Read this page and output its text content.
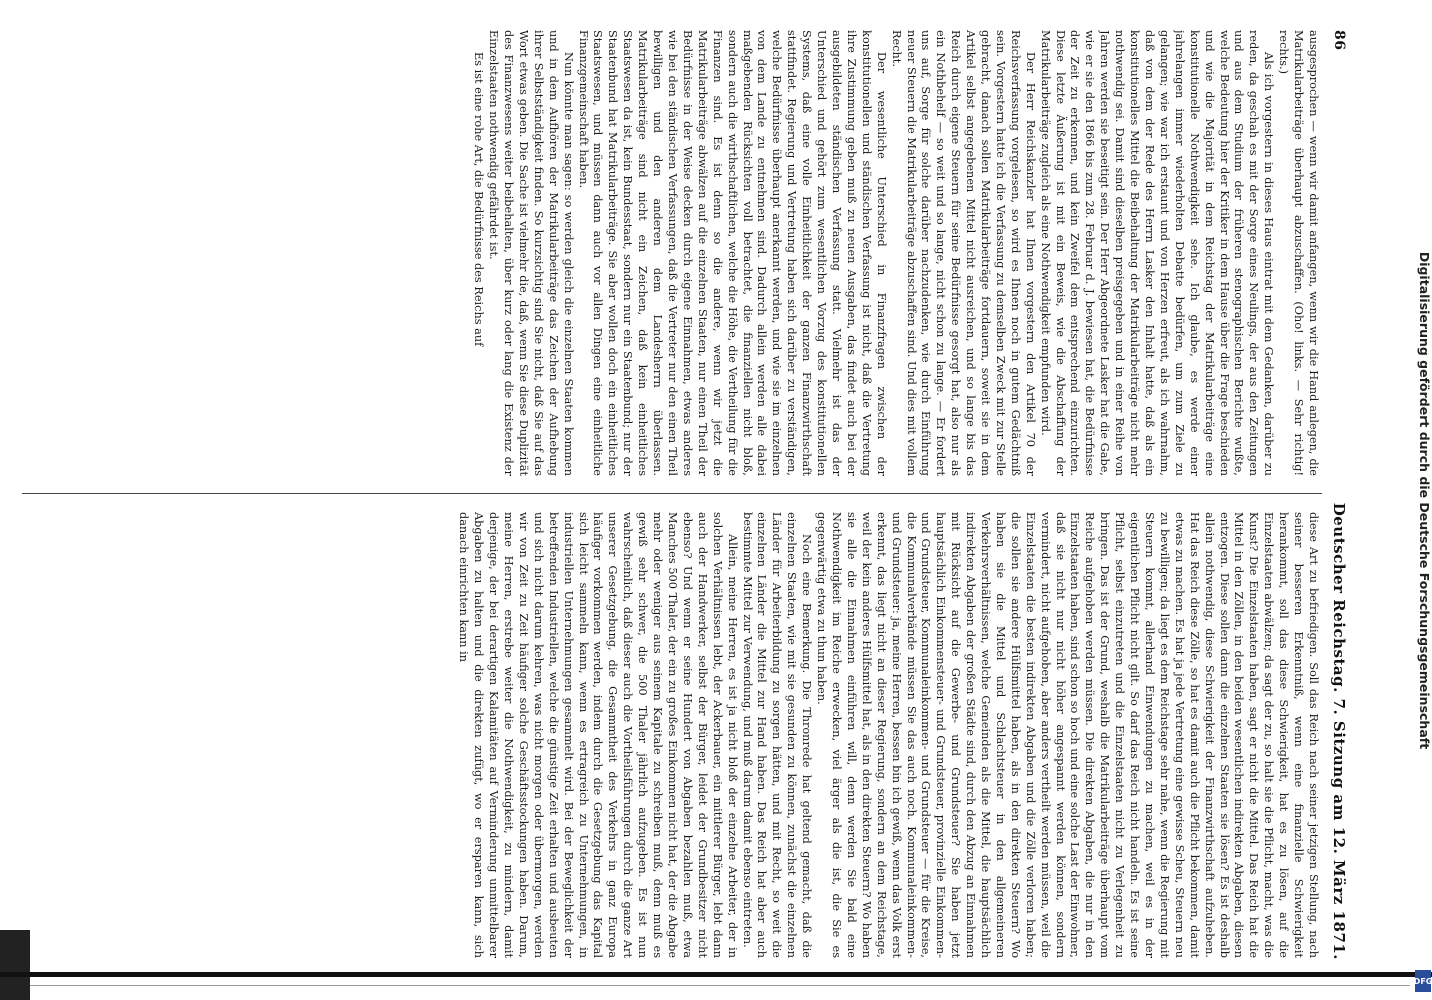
86
Deutscher Reichstag. 7. Sitzung am 12. März 1871.

ausgesprochen — wenn wir damit anfangen, wenn wir die Hand anlegen, die Matrikularbeiträge überhaupt abzuschaffen. (Oho! links. — Sehr richtig! rechts.)

Als ich vorgestern in dieses Haus eintrat mit dem Gedanken, darüber zu reden, da geschah es mit der Sorge eines Neulings, der aus den Zeitungen und aus dem Studium der früheren stenographischen Berichte wußte, welche Bedeutung hier der Kritiker in dem Hause über die Frage beschieden und wie die Majorität in dem Reichstag der Matrikularbeiträge eine konstitutionelle Nothwendigkeit sehe. Ich glaube, es werde einer jahrelangen immer wiederholten Debatte bedürfen, um zum Ziele zu gelangen; wie war ich erstaunt und von Herzen erfreut, als ich wahrnahm, daß von dem der Rede des Herrn Lasker den Inhalt hatte, daß als ein konstitutionelles Mittel die Beibehaltung der Matrikularbeiträge nicht mehr nothwendig sei. Damit sind dieselben preisgegeben und in einer Reihe von Jahren werden sie beseitigt sein. Der Herr Abgeordnete Lasker hat die Gabe, wie er sie den 1866 bis zum 28. Februar d. J. bewiesen hat, die Bedürfnisse der Zeit zu erkennen, und kein Zweifel dem entsprechend einzurichten. Diese letzte Äußerung ist mit ein Beweis, wie die Abschaffung der Matrikularbeiträge zugleich als eine Nothwendigkeit empfunden wird.

Der Herr Reichskanzler hat Ihnen vorgestern den Artikel 70 der Reichsverfassung vorgelesen, so wird es Ihnen noch in gutem Gedächtniß sein. Vorgestern hatte ich die Verfassung zu demselben Zweck mit zur Stelle gebracht, danach sollen Matrikularbeiträge fortdauern, soweit sie in dem Artikel selbst angegebenen Mittel nicht ausreichen, und so lange bis das Reich durch eigene Steuern für seine Bedürfnisse gesorgt hat, also nur als ein Nothbehelf — so weit und so lange, nicht schon zu lange. — Er fordert uns auf, Sorge für solche darüber nachzudenken, wie durch Einführung neuer Steuern die Matrikularbeiträge abzuschaffen sind. Und dies mit vollem Recht.

Der wesentliche Unterschied in Finanzfragen zwischen der konstitutionellen und ständischen Verfassung ist nicht, daß die Vertretung ihre Zustimmung geben muß zu neuen Ausgaben, das findet auch bei der ausgebildeten ständischen Verfassung statt. Vielmehr ist das der Unterschied und gehört zum wesentlichen Vorzug des konstitutionellen Systems, daß eine volle Einheitlichkeit der ganzen Finanzwirthschaft stattfindet. Regierung und Vertretung haben sich darüber zu verständigen, welche Bedürfnisse überhaupt anerkannt werden, und wie sie im einzelnen von dem Lande zu entnehmen sind. Dadurch allein werden alle dabei maßgebenden Rücksichten voll betrachtet, die finanziellen nicht bloß, sondern auch die wirthschaftlichen, welche die Höhe, die Vertheilung für die Finanzen sind. Es ist denn so die andere, wenn wir jetzt die Matrikularbeiträge abwälzen auf die einzelnen Staaten, nur einen Theil der Bedürfnisse in der Weise decken durch eigene Einnahmen, etwas anderes wie bei den ständischen Verfassungen, daß die Vertreter nur den einen Theil bewilligen und den anderen dem Landesherrn überlassen. Matrikularbeiträge sind nicht ein Zeichen, daß kein einheitliches Staatswesen da ist, kein Bundesstaat, sondern nur ein Staatenbund; nur der Staatenbund hat Matrikularbeiträge. Sie aber wollen doch ein einheitliches Staatswesen, und müssen dann auch vor allen Dingen eine einheitliche Finanzgemeinschaft haben.

Nun könnte man sagen: so werden gleich die einzelnen Staaten kommen und in dem Aufhören der Matrikularbeiträge das Zeichen der Aufhebung ihrer Selbstständigkeit finden. So kurzsichtig sind Sie nicht, daß Sie auf das Wort etwas geben. Die Sache ist vielmehr die, daß, wenn Sie diese Duplizität des Finanzwesens weiter beibehalten, über kurz oder lang die Existenz der Einzelstaaten nothwendig gefährdet ist.

Es ist eine rohe Art, die Bedürfnisse des Reichs auf

diese Art zu befriedigen. Soll das Reich nach seiner jetzigen Stellung, nach seiner besseren Erkenntniß, wenn eine finanzielle Schwierigkeit herankommt, soll das diese Schwierigkeit, hat es zu lösen, auf die Einzelstaaten abwälzen; da sagt der zu, so halt sie die Pflicht, macht, was die Kunst? Die Einzelstaaten haben, sagt er nicht die Mittel. Das Reich hat die Mittel in den Zöllen, in den beiden wesentlichen indirekten Abgaben, diesen entzogen. Diese sollen dann die einzelnen Staaten sie lösen? Es ist deshalb allein nothwendig, diese Schwierigkeit der Finanzwirthschaft aufzuheben. Hat das Reich diese Zölle, so hat es damit auch die Pflicht bekommen, damit etwas zu machen. Es hat ja jede Vertretung eine gewisse Scheu, Steuern neu zu bewilligen; da liegt es dem Reichstage sehr nahe, wenn die Regierung mit Steuern kommt, allerhand Einwendungen zu machen, weil es in der eigentlichen Pflicht nicht gilt. So darf das Reich nicht handeln. Es ist seine Pflicht, selbst einzutreten und die Einzelstaaten nicht zu Verlegenheit zu bringen. Das ist der Grund, weshalb die Matrikularbeiträge überhaupt vom Reiche aufgehoben werden müssen. Die direkten Abgaben, die nur in den Einzelstaaten haben, sind schon so hoch und eine solche Last der Einwohner, daß sie nicht nur nicht höher angespannt werden können, sondern vermindert, nicht aufgehoben, aber anders vertheilt werden müssen, weil die Einzelstaaten die besten indirekten Abgaben und die Zölle verloren haben; die sollen sie andere Hülfsmittel haben, als in den direkten Steuern? Wo haben sie die Mittel und Schlachtsteuer in den allgemeineren Verkehrsverhältnissen, welche Gemeinden als die Mittel, die hauptsächlich indirekten Abgaben der großen Städte sind, durch den Abzug an Einnahmen mit Rücksicht auf die Gewerbe- und Grundsteuer? Sie haben jetzt hauptsächlich Einkommensteuer- und Grundsteuer, provinzielle Einkommen- und Grundsteuer, Kommunaleinkommen- und Grundsteuer — für die Kreise, die Kommunalverbände müssen Sie das auch noch. Kommunaleinkommen- und Grundsteuer: ja, meine Herren, bessen bin ich gewiß, wenn das Volk erst erkennt, das liegt nicht an dieser Regierung, sondern an dem Reichstage, weil der kein anderes Hülfsmittel hat, als in den direkten Steuern? Wo haben sie alle die Einnahmen einführen will, denn werden Sie bald eine Nothwendigkeit im Reiche erwecken, viel ärger als die ist, die Sie es gegenwärtig etwa zu thun haben.

Noch eine Bemerkung. Die Thronrede hat geltend gemacht, daß die einzelnen Staaten, wie mit sie gesunden zu können, zunächst die einzelnen Länder für Arbeiterbildung zu sorgen hätten, und mit Recht, so weit die einzelnen Länder die Mittel zur Hand haben. Das Reich hat aber auch bestimmte Mittel zur Verwendung, und muß darum damit ebenso eintreten.

Allein, meine Herren, es ist ja nicht bloß der einzelne Arbeiter, der in solchen Verhältnissen lebt, der Ackerbauer, ein mittlerer Bürger, lebt dann auch der Handwerker, selbst der Bürger, leidet der Grundbesitzer nicht ebenso? Und wenn er seine Hundert von Abgaben bezahlen muß, etwa Manches 500 Thaler, der ein zu großes Einkommen nicht hat, der die Abgabe mehr oder weniger aus seinem Kapitale zu schreiben muß, denn muß es gewiß sehr schwer, die 500 Thaler jährlich aufzugeben. Es ist nun wahrscheinlich, daß dieser auch die Vortheilsführungen durch die ganze Art unserer Gesetzgebung, die Gesammtheit des Verkehrs in ganz Europa häufiger vorkommen werden, indem durch die Gesetzgebung das Kapital sich leicht sammeln kann, wenn es ertragreich zu Unternehmungen, in industriellen Unternehmungen gesammelt wird. Bei der Beweglichkeit der betreffenden Industriellen, welche die günstige Zeit erhalten und ausbeuten und sich nicht darum kehren, was nicht morgen oder übermorgen, werden wir von Zeit zu Zeit häufiger solche Geschäftsstockungen haben. Darum, meine Herren, erstrebe weiter die Nothwendigkeit, zu mindern, damit derjenige, der bei derartigen Kalamitäten auf Verminderung unmittelbarer Abgaben zu halten und die direkten zufügt, wo er ersparen kann, sich danach einrichten kann in	Digitalisierung gefördert durch die Deutsche Forschungsgemeinschaft
DFG
